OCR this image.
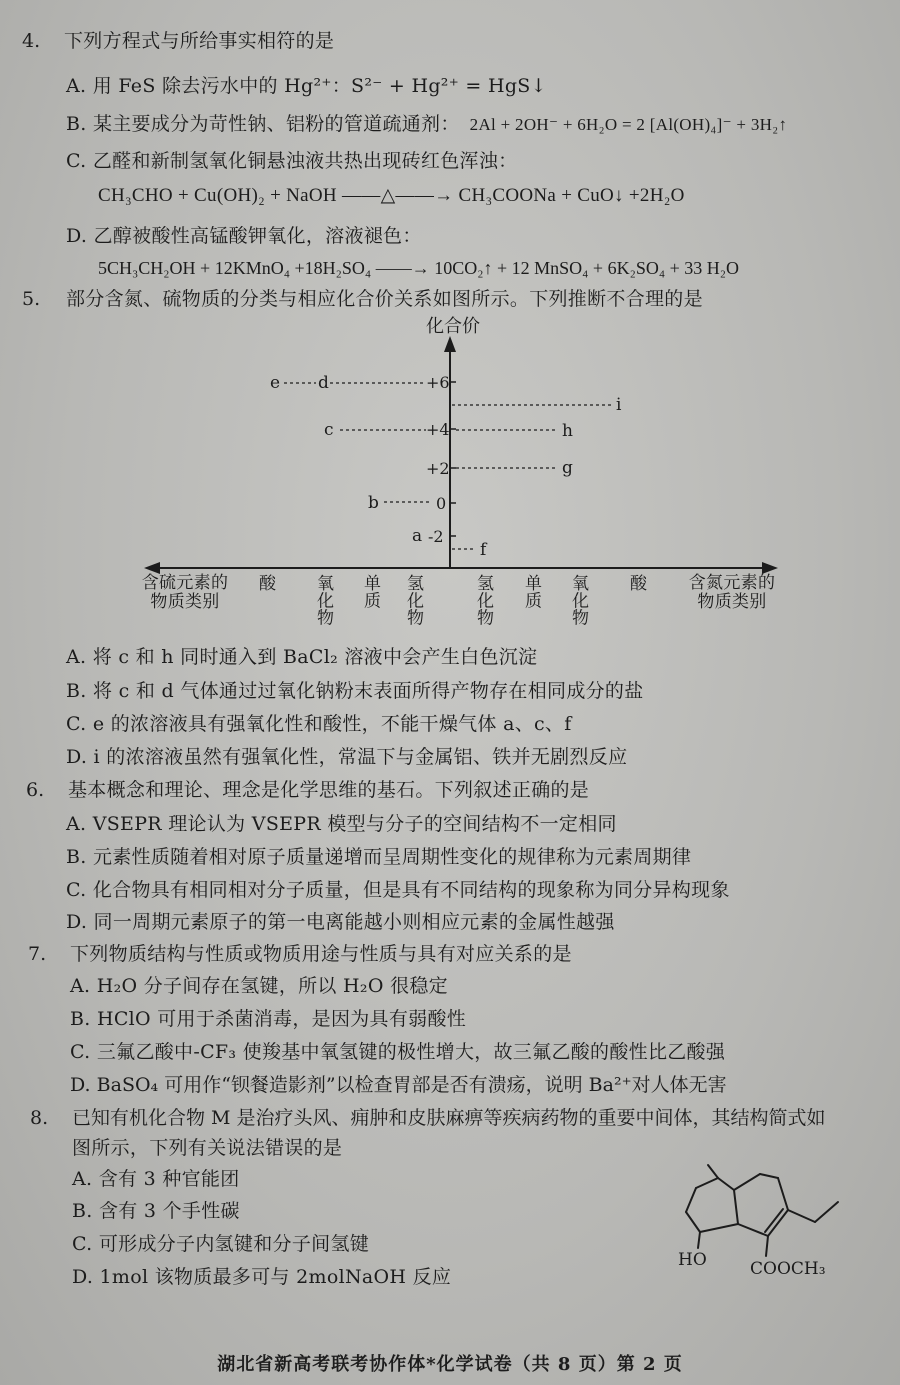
4. 下列方程式与所给事实相符的是
A. 用 FeS 除去污水中的 Hg²⁺：S²⁻ + Hg²⁺ = HgS↓
B. 某主要成分为苛性钠、铝粉的管道疏通剂： 2Al + 2OH⁻ + 6H₂O = 2 [Al(OH)₄]⁻ + 3H₂↑
C. 乙醛和新制氢氧化铜悬浊液共热出现砖红色浑浊：
CH₃CHO + Cu(OH)₂ + NaOH ——△——→ CH₃COONa + CuO↓ +2H₂O
D. 乙醇被酸性高锰酸钾氧化，溶液褪色：
5CH₃CH₂OH + 12KMnO₄ +18H₂SO₄ ——→ 10CO₂↑ + 12 MnSO₄ + 6K₂SO₄ + 33 H₂O
5. 部分含氮、硫物质的分类与相应化合价关系如图所示。下列推断不合理的是
化合价
+6
+4
+2
0
-2
e d
c
b
a
i
h
g
f
含硫元素的物质类别
酸 氧化物 单质 氢化物	氢化物 单质 氧化物 酸	含氮元素的物质类别
A. 将 c 和 h 同时通入到 BaCl₂ 溶液中会产生白色沉淀
B. 将 c 和 d 气体通过过氧化钠粉末表面所得产物存在相同成分的盐
C. e 的浓溶液具有强氧化性和酸性，不能干燥气体 a、c、f
D. i 的浓溶液虽然有强氧化性，常温下与金属铝、铁并无剧烈反应
6. 基本概念和理论、理念是化学思维的基石。下列叙述正确的是
A. VSEPR 理论认为 VSEPR 模型与分子的空间结构不一定相同
B. 元素性质随着相对原子质量递增而呈周期性变化的规律称为元素周期律
C. 化合物具有相同相对分子质量，但是具有不同结构的现象称为同分异构现象
D. 同一周期元素原子的第一电离能越小则相应元素的金属性越强
7. 下列物质结构与性质或物质用途与性质与具有对应关系的是
A. H₂O 分子间存在氢键，所以 H₂O 很稳定
B. HClO 可用于杀菌消毒，是因为具有弱酸性
C. 三氟乙酸中-CF₃ 使羧基中氧氢键的极性增大，故三氟乙酸的酸性比乙酸强
D. BaSO₄ 可用作“钡餐造影剂”以检查胃部是否有溃疡，说明 Ba²⁺对人体无害
8. 已知有机化合物 M 是治疗头风、痈肿和皮肤麻痹等疾病药物的重要中间体，其结构简式如
图所示，下列有关说法错误的是
A. 含有 3 种官能团
B. 含有 3 个手性碳
C. 可形成分子内氢键和分子间氢键
D. 1mol 该物质最多可与 2molNaOH 反应
HO	COOCH₃
湖北省新高考联考协作体*化学试卷（共 8 页）第 2 页
